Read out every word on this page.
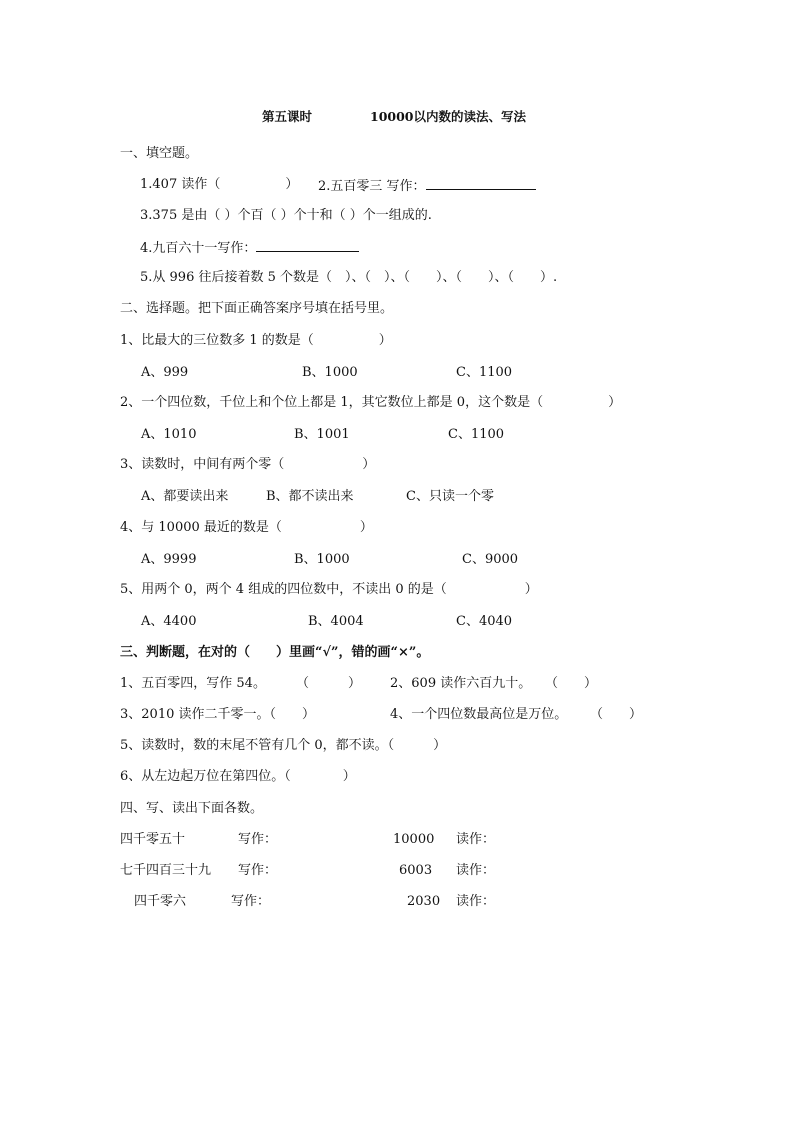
第五课时	10000以内数的读法、写法
一、填空题。
1.407 读作（　　　　　） 2.五百零三 写作：
3.375 是由（ ）个百（ ）个十和（ ）个一组成的.
4.九百六十一写作：
5.从 996 往后接着数 5 个数是（　）、（　）、（　　）、（　　）、（　　）.
二、选择题。把下面正确答案序号填在括号里。
1、比最大的三位数多 1 的数是（　　　　　）
A、999	B、1000	C、1100
2、一个四位数，千位上和个位上都是 1，其它数位上都是 0，这个数是（　　　　　）
A、1010	B、1001	C、1100
3、读数时，中间有两个零（　　　　　　）
A、都要读出来	B、都不读出来	C、只读一个零
4、与 10000 最近的数是（　　　　　　）
A、9999	B、1000	C、9000
5、用两个 0，两个 4 组成的四位数中，不读出 0 的是（　　　　　　）
A、4400	B、4004	C、4040
三、判断题，在对的（　　）里画“√”，错的画“×”。
1、五百零四，写作 54。 （　　　） 2、609 读作六百九十。 （　　）
3、2010 读作二千零一。（　　）	4、一个四位数最高位是万位。 （　　）
5、读数时，数的末尾不管有几个 0，都不读。（　　　）
6、从左边起万位在第四位。（　　　　）
四、写、读出下面各数。
四千零五十	写作：	10000 读作：
七千四百三十九 写作：	6003 读作：
四千零六	写作：	2030 读作：
